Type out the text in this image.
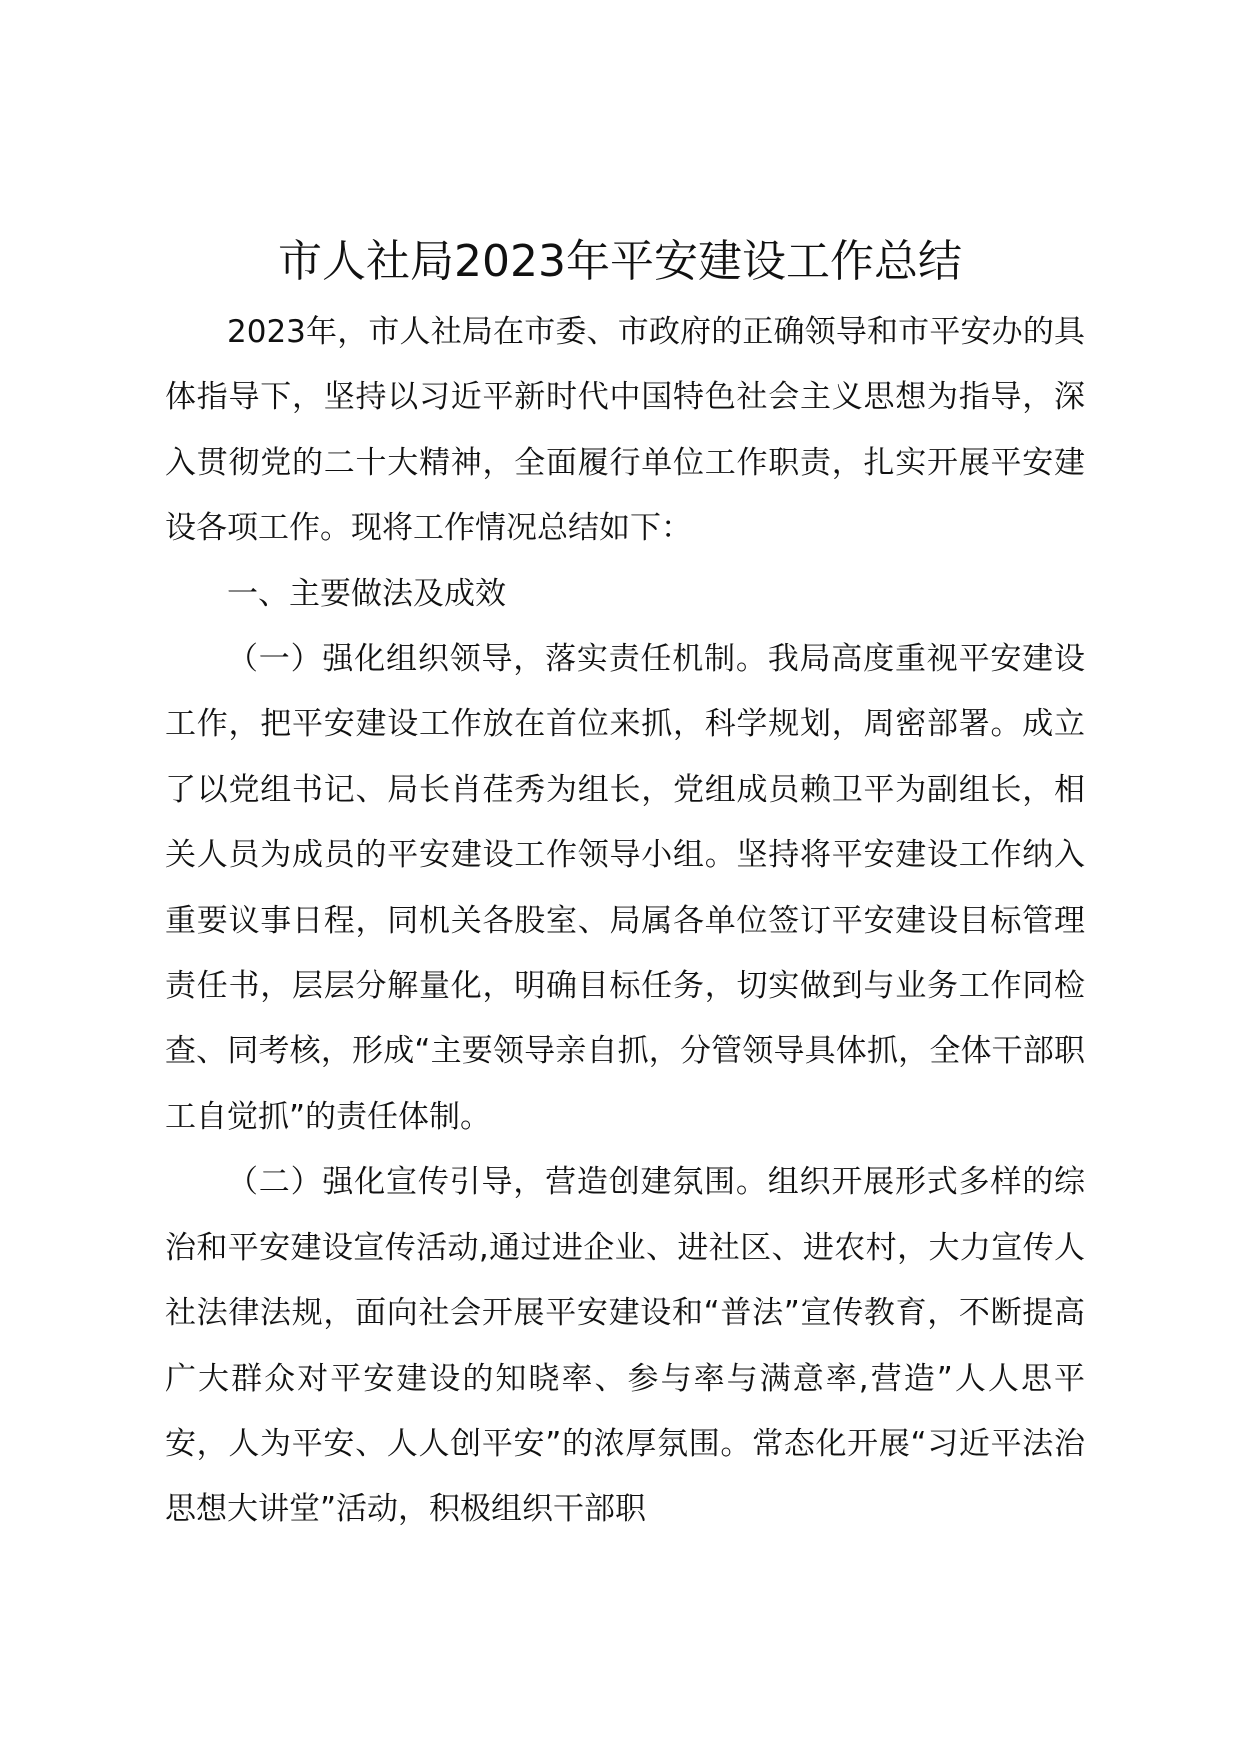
市人社局2023年平安建设工作总结

2023年，市人社局在市委、市政府的正确领导和市平安办的具体指导下，坚持以习近平新时代中国特色社会主义思想为指导，深入贯彻党的二十大精神，全面履行单位工作职责，扎实开展平安建设各项工作。现将工作情况总结如下：

一、主要做法及成效

（一）强化组织领导，落实责任机制。我局高度重视平安建设工作，把平安建设工作放在首位来抓，科学规划，周密部署。成立了以党组书记、局长肖荏秀为组长，党组成员赖卫平为副组长，相关人员为成员的平安建设工作领导小组。坚持将平安建设工作纳入重要议事日程，同机关各股室、局属各单位签订平安建设目标管理责任书，层层分解量化，明确目标任务，切实做到与业务工作同检查、同考核，形成“主要领导亲自抓，分管领导具体抓，全体干部职工自觉抓”的责任体制。

（二）强化宣传引导，营造创建氛围。组织开展形式多样的综治和平安建设宣传活动,通过进企业、进社区、进农村，大力宣传人社法律法规，面向社会开展平安建设和“普法”宣传教育，不断提高广大群众对平安建设的知晓率、参与率与满意率,营造”人人思平安，人为平安、人人创平安”的浓厚氛围。常态化开展“习近平法治思想大讲堂”活动，积极组织干部职
